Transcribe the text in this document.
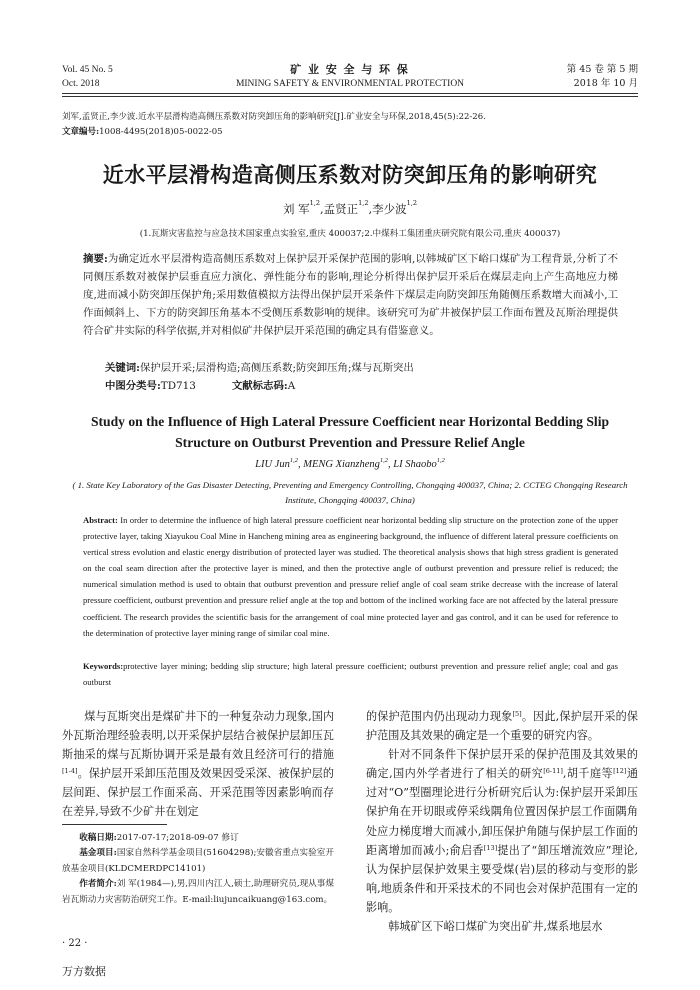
Vol. 45 No. 5
Oct. 2018
矿 业 安 全 与 环 保
MINING SAFETY & ENVIRONMENTAL PROTECTION
第 45 卷 第 5 期
2018 年 10 月
刘军,孟贤正,李少波.近水平层滑构造高侧压系数对防突卸压角的影响研究[J].矿业安全与环保,2018,45(5):22-26.
文章编号:1008-4495(2018)05-0022-05
近水平层滑构造高侧压系数对防突卸压角的影响研究
刘 军$^{1,2}$,孟贤正$^{1,2}$,李少波$^{1,2}$
(1.瓦斯灾害监控与应急技术国家重点实验室,重庆 400037;2.中煤科工集团重庆研究院有限公司,重庆 400037)
摘要:为确定近水平层滑构造高侧压系数对上保护层开采保护范围的影响,以韩城矿区下峪口煤矿为工程背景,分析了不同侧压系数对被保护层垂直应力演化、弹性能分布的影响,理论分析得出保护层开采后在煤层走向上产生高地应力梯度,进而减小防突卸压保护角;采用数值模拟方法得出保护层开采条件下煤层走向防突卸压角随侧压系数增大而减小,工作面倾斜上、下方的防突卸压角基本不受侧压系数影响的规律。该研究可为矿井被保护层工作面布置及瓦斯治理提供符合矿井实际的科学依据,并对相似矿井保护层开采范围的确定具有借鉴意义。
关键词:保护层开采;层滑构造;高侧压系数;防突卸压角;煤与瓦斯突出
中图分类号:TD713	文献标志码:A
Study on the Influence of High Lateral Pressure Coefficient near Horizontal Bedding Slip Structure on Outburst Prevention and Pressure Relief Angle
LIU Jun$^{1,2}$, MENG Xianzheng$^{1,2}$, LI Shaobo$^{1,2}$
( 1. State Key Laboratory of the Gas Disaster Detecting, Preventing and Emergency Controlling, Chongqing 400037, China; 2. CCTEG Chongqing Research Institute, Chongqing 400037, China)
Abstract: In order to determine the influence of high lateral pressure coefficient near horizontal bedding slip structure on the protection zone of the upper protective layer, taking Xiayukou Coal Mine in Hancheng mining area as engineering background, the influence of different lateral pressure coefficients on vertical stress evolution and elastic energy distribution of protected layer was studied. The theoretical analysis shows that high stress gradient is generated on the coal seam direction after the protective layer is mined, and then the protective angle of outburst prevention and pressure relief is reduced; the numerical simulation method is used to obtain that outburst prevention and pressure relief angle of coal seam strike decrease with the increase of lateral pressure coefficient, outburst prevention and pressure relief angle at the top and bottom of the inclined working face are not affected by the lateral pressure coefficient. The research provides the scientific basis for the arrangement of coal mine protected layer and gas control, and it can be used for reference to the determination of protective layer mining range of similar coal mine.
Keywords:protective layer mining; bedding slip structure; high lateral pressure coefficient; outburst prevention and pressure relief angle; coal and gas outburst

煤与瓦斯突出是煤矿井下的一种复杂动力现象,国内外瓦斯治理经验表明,以开采保护层结合被保护层卸压瓦斯抽采的煤与瓦斯协调开采是最有效且经济可行的措施[1-4]。保护层开采卸压范围及效果因受采深、被保护层的层间距、保护层工作面采高、开采范围等因素影响而存在差异,导致不少矿井在划定

收稿日期:2017-07-17;2018-09-07 修订

基金项目:国家自然科学基金项目(51604298);安徽省重点实验室开放基金项目(KLDCMERDPC14101)

作者简介:刘 军(1984—),男,四川内江人,硕士,助理研究员,现从事煤岩瓦斯动力灾害防治研究工作。E-mail:liujuncaikuang@163.com。

的保护范围内仍出现动力现象[5]。因此,保护层开采的保护范围及其效果的确定是一个重要的研究内容。

针对不同条件下保护层开采的保护范围及其效果的确定,国内外学者进行了相关的研究[6-11],胡千庭等[12]通过对“O”型圈理论进行分析研究后认为:保护层开采卸压保护角在开切眼或停采线隅角位置因保护层工作面隅角处应力梯度增大而减小,卸压保护角随与保护层工作面的距离增加而减小;俞启香[13]提出了“卸压增流效应”理论,认为保护层保护效果主要受煤(岩)层的移动与变形的影响,地质条件和开采技术的不同也会对保护范围有一定的影响。

韩城矿区下峪口煤矿为突出矿井,煤系地层水

· 22 ·
万方数据
